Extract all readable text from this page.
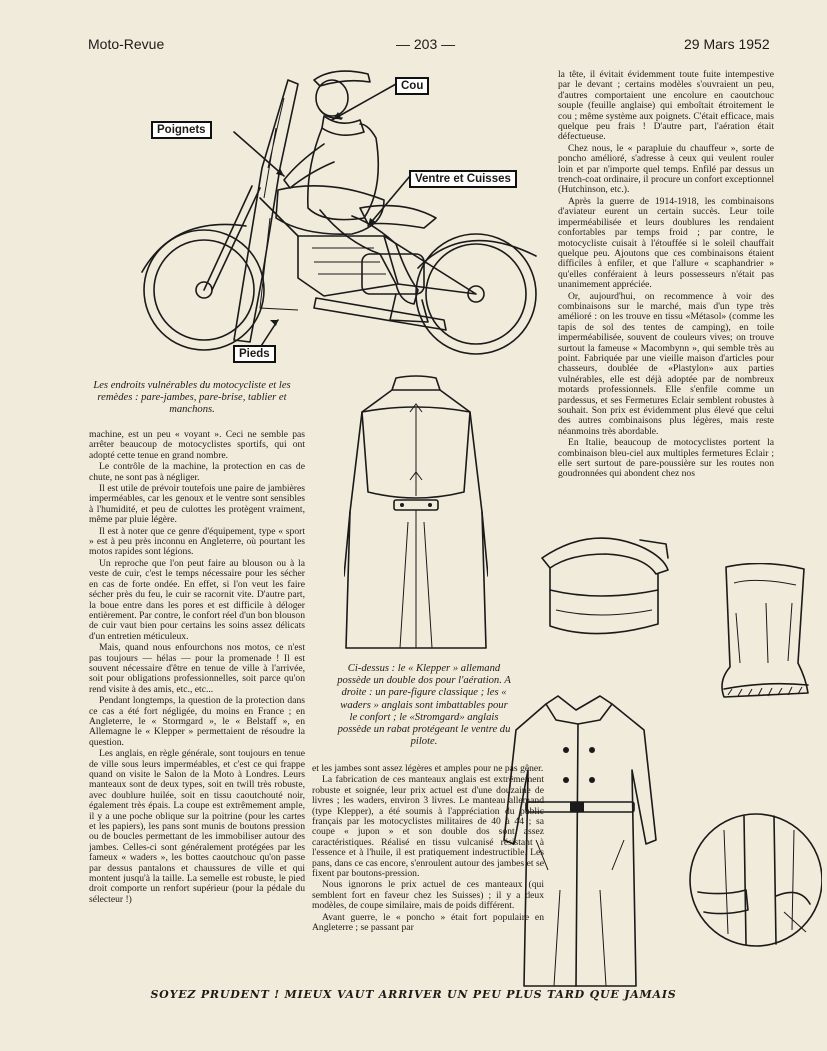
Moto-Revue	— 203 —	29 Mars 1952
Cou
Poignets
Ventre et Cuisses
Pieds
Les endroits vulnérables du motocycliste et les remèdes : pare-jambes, pare-brise, tablier et manchons.
Ci-dessus : le « Klepper » allemand possède un double dos pour l'aération. A droite : un pare-figure classique ; les « waders » anglais sont imbattables pour le confort ; le «Stromgard» anglais possède un rabat protégeant le ventre du pilote.

machine, est un peu « voyant ». Ceci ne semble pas arrêter beaucoup de motocyclistes sportifs, qui ont adopté cette tenue en grand nombre.

Le contrôle de la machine, la protection en cas de chute, ne sont pas à négliger.

Il est utile de prévoir toutefois une paire de jambières imperméables, car les genoux et le ventre sont sensibles à l'humidité, et peu de culottes les protègent vraiment, même par pluie légère.

Il est à noter que ce genre d'équipement, type « sport » est à peu près inconnu en Angleterre, où pourtant les motos rapides sont légions.

Un reproche que l'on peut faire au blouson ou à la veste de cuir, c'est le temps nécessaire pour les sécher en cas de forte ondée. En effet, si l'on veut les faire sécher près du feu, le cuir se racornit vite. D'autre part, la boue entre dans les pores et est difficile à déloger entièrement. Par contre, le confort réel d'un bon blouson de cuir vaut bien pour certains les soins assez délicats d'un entretien méticuleux.

Mais, quand nous enfourchons nos motos, ce n'est pas toujours — hélas — pour la promenade ! Il est souvent nécessaire d'être en tenue de ville à l'arrivée, soit pour obligations professionnelles, soit parce qu'on rend visite à des amis, etc., etc...

Pendant longtemps, la question de la protection dans ce cas a été fort négligée, du moins en France ; en Angleterre, le « Stormgard », le « Belstaff », en Allemagne le « Klepper » permettaient de résoudre la question.

Les anglais, en règle générale, sont toujours en tenue de ville sous leurs imperméables, et c'est ce qui frappe quand on visite le Salon de la Moto à Londres. Leurs manteaux sont de deux types, soit en twill très robuste, avec doublure huilée, soit en tissu caoutchouté noir, également très épais. La coupe est extrêmement ample, il y a une poche oblique sur la poitrine (pour les cartes et les papiers), les pans sont munis de boutons pression ou de boucles permettant de les immobiliser autour des jambes. Celles-ci sont généralement protégées par les fameux « waders », les bottes caoutchouc qu'on passe par dessus pantalons et chaussures de ville et qui montent jusqu'à la taille. La semelle est robuste, le pied droit comporte un renfort supérieur (pour la pédale du sélecteur !)

et les jambes sont assez légères et amples pour ne pas gêner.

La fabrication de ces manteaux anglais est extrêmement robuste et soignée, leur prix actuel est d'une douzaine de livres ; les waders, environ 3 livres. Le manteau allemand (type Klepper), a été soumis à l'appréciation du public français par les motocyclistes militaires de 40 à 44 ; sa coupe « jupon » et son double dos sont assez caractéristiques. Réalisé en tissu vulcanisé résistant à l'essence et à l'huile, il est pratiquement indestructible. Les pans, dans ce cas encore, s'enroulent autour des jambes et se fixent par boutons-pression.

Nous ignorons le prix actuel de ces manteaux (qui semblent fort en faveur chez les Suisses) ; il y a deux modèles, de coupe similaire, mais de poids différent.

Avant guerre, le « poncho » était fort populaire en Angleterre ; se passant par

la tête, il évitait évidemment toute fuite intempestive par le devant ; certains modèles s'ouvraient un peu, d'autres comportaient une encolure en caoutchouc souple (feuille anglaise) qui emboîtait étroitement le cou ; même système aux poignets. C'était efficace, mais quelque peu frais ! D'autre part, l'aération était défectueuse.

Chez nous, le « parapluie du chauffeur », sorte de poncho amélioré, s'adresse à ceux qui veulent rouler loin et par n'importe quel temps. Enfilé par dessus un trench-coat ordinaire, il procure un confort exceptionnel (Hutchinson, etc.).

Après la guerre de 1914-1918, les combinaisons d'aviateur eurent un certain succès. Leur toile imperméabilisée et leurs doublures les rendaient confortables par temps froid ; par contre, le motocycliste cuisait à l'étouffée si le soleil chauffait quelque peu. Ajoutons que ces combinaisons étaient difficiles à enfiler, et que l'allure « scaphandrier » qu'elles conféraient à leurs possesseurs n'était pas unanimement appréciée.

Or, aujourd'hui, on recommence à voir des combinaisons sur le marché, mais d'un type très amélioré : on les trouve en tissu «Métasol» (comme les tapis de sol des tentes de camping), en toile imperméabilisée, souvent de couleurs vives; on trouve surtout la fameuse « Macombynn », qui semble très au point. Fabriquée par une vieille maison d'articles pour chasseurs, doublée de «Plastylon» aux parties vulnérables, elle est déjà adoptée par de nombreux motards professionnels. Elle s'enfile comme un pardessus, et ses Fermetures Eclair semblent robustes à souhait. Son prix est évidemment plus élevé que celui des autres combinaisons plus légères, mais reste néanmoins très abordable.

En Italie, beaucoup de motocyclistes portent la combinaison bleu-ciel aux multiples fermetures Eclair ; elle sert surtout de pare-poussière sur les routes non goudronnées qui abondent chez nos

SOYEZ PRUDENT ! MIEUX VAUT ARRIVER UN PEU PLUS TARD QUE JAMAIS
